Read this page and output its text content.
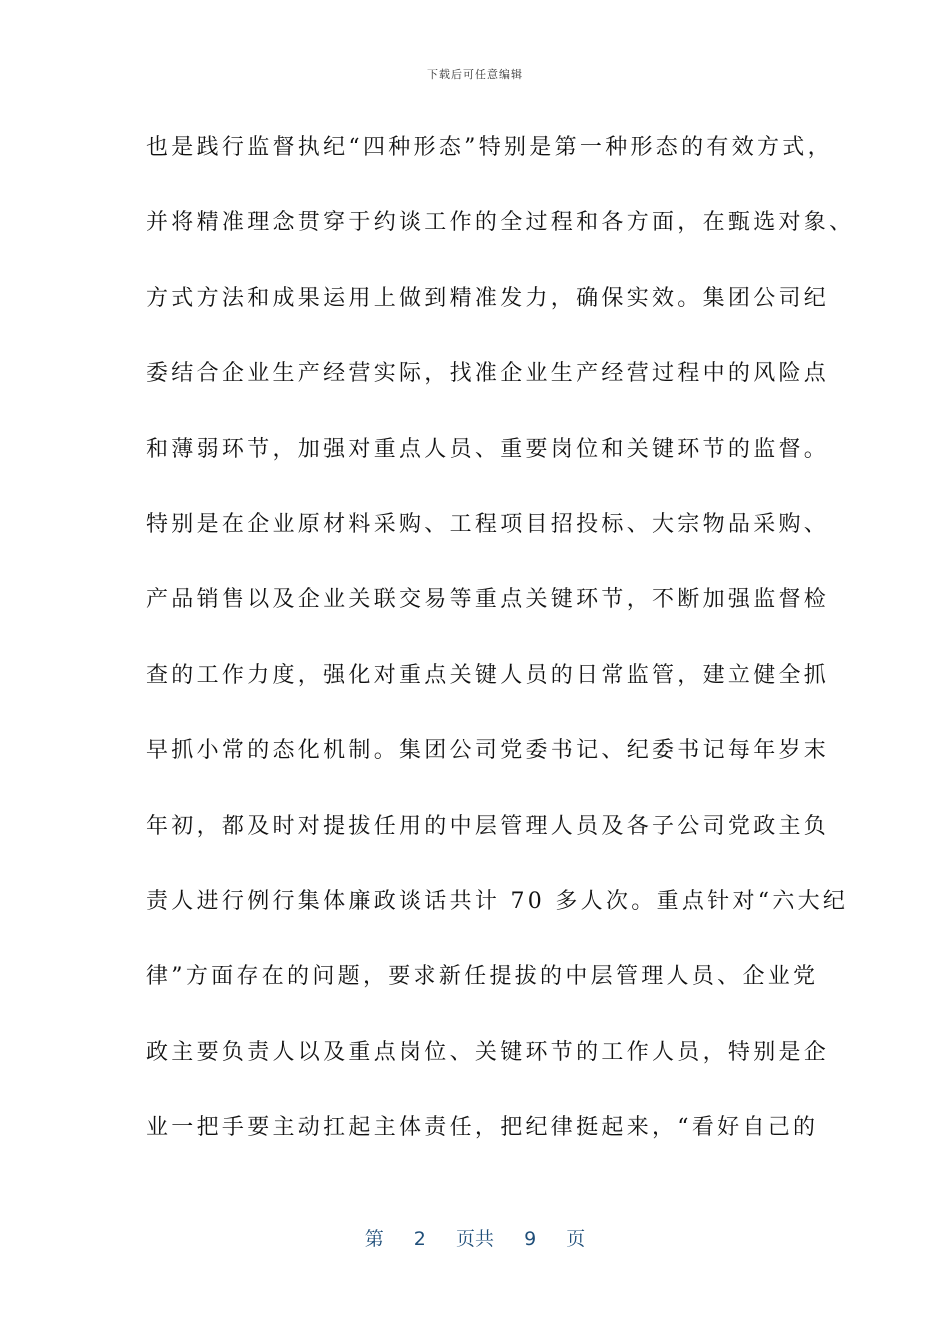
下载后可任意编辑
也是践行监督执纪“四种形态”特别是第一种形态的有效方式，
并将精准理念贯穿于约谈工作的全过程和各方面，在甄选对象、
方式方法和成果运用上做到精准发力，确保实效。集团公司纪
委结合企业生产经营实际，找准企业生产经营过程中的风险点
和薄弱环节，加强对重点人员、重要岗位和关键环节的监督。
特别是在企业原材料采购、工程项目招投标、大宗物品采购、
产品销售以及企业关联交易等重点关键环节，不断加强监督检
查的工作力度，强化对重点关键人员的日常监管，建立健全抓
早抓小常的态化机制。集团公司党委书记、纪委书记每年岁末
年初，都及时对提拔任用的中层管理人员及各子公司党政主负
责人进行例行集体廉政谈话共计 70 多人次。重点针对“六大纪
律”方面存在的问题，要求新任提拔的中层管理人员、企业党
政主要负责人以及重点岗位、关键环节的工作人员，特别是企
业一把手要主动扛起主体责任，把纪律挺起来，“看好自己的
第 2 页共 9 页
